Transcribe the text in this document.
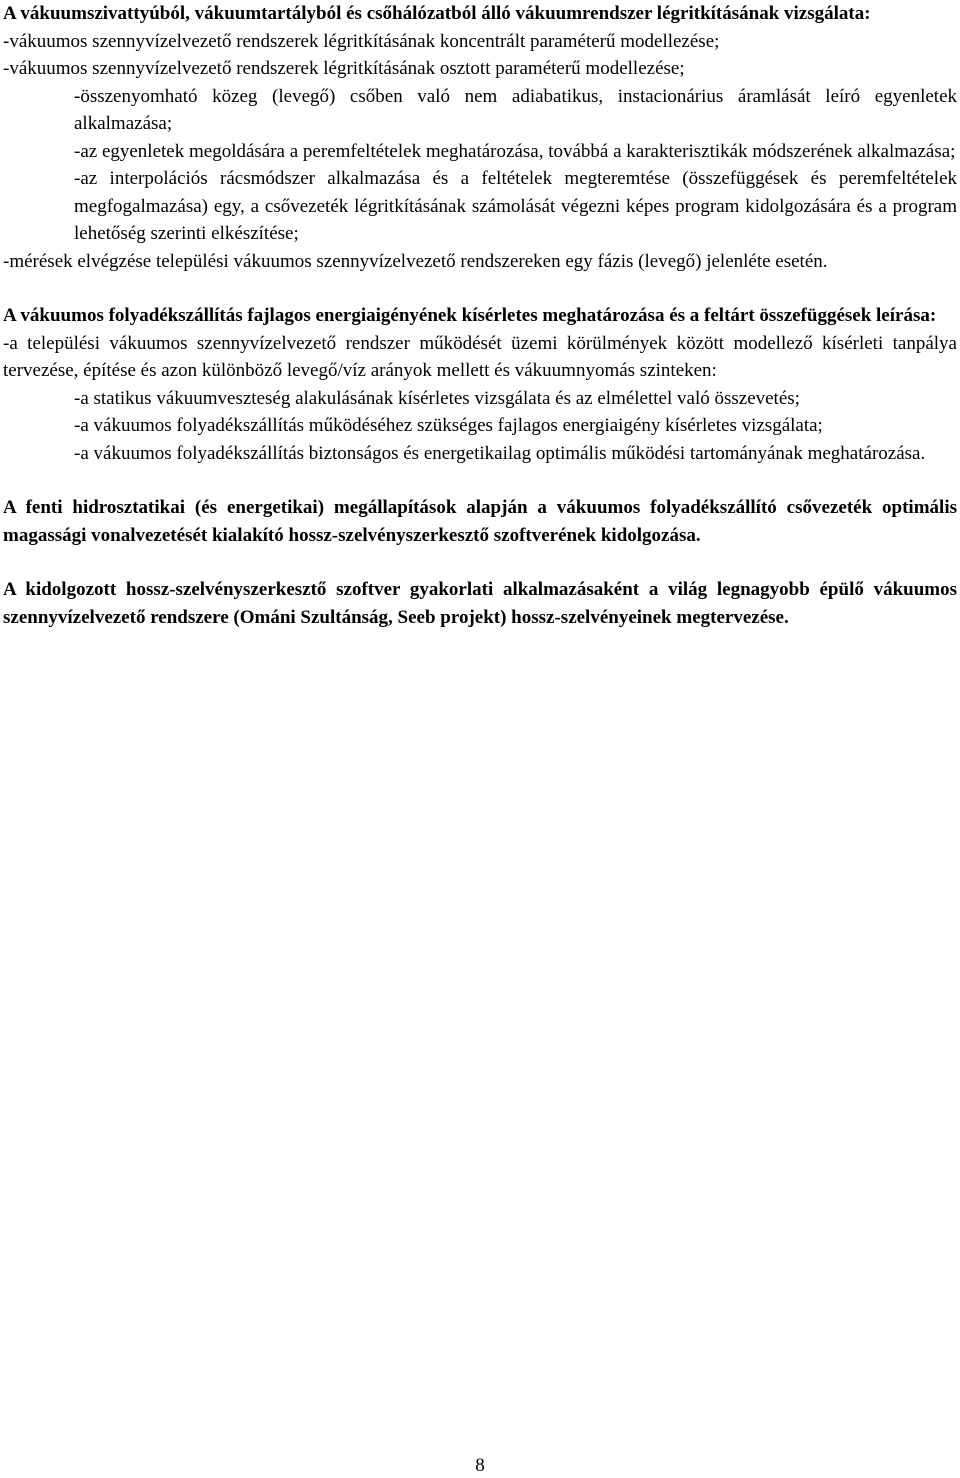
A vákuumszivattyúból, vákuumtartályból és csőhálózatból álló vákuumrendszer légritkításának vizsgálata:

-vákuumos szennyvízelvezető rendszerek légritkításának koncentrált paraméterű modellezése;

-vákuumos szennyvízelvezető rendszerek légritkításának osztott paraméterű modellezése;

-összenyomható közeg (levegő) csőben való nem adiabatikus, instacionárius áramlását leíró egyenletek alkalmazása;

-az egyenletek megoldására a peremfeltételek meghatározása, továbbá a karakterisztikák módszerének alkalmazása;

-az interpolációs rácsmódszer alkalmazása és a feltételek megteremtése (összefüggések és peremfeltételek megfogalmazása) egy, a csővezeték légritkításának számolását végezni képes program kidolgozására és a program lehetőség szerinti elkészítése;

-mérések elvégzése települési vákuumos szennyvízelvezető rendszereken egy fázis (levegő) jelenléte esetén.

A vákuumos folyadékszállítás fajlagos energiaigényének kísérletes meghatározása és a feltárt összefüggések leírása:

-a települési vákuumos szennyvízelvezető rendszer működését üzemi körülmények között modellező kísérleti tanpálya tervezése, építése és azon különböző levegő/víz arányok mellett és vákuumnyomás szinteken:

-a statikus vákuumveszteség alakulásának kísérletes vizsgálata és az elmélettel való összevetés;

-a vákuumos folyadékszállítás működéséhez szükséges fajlagos energiaigény kísérletes vizsgálata;

-a vákuumos folyadékszállítás biztonságos és energetikailag optimális működési tartományának meghatározása.

A fenti hidrosztatikai (és energetikai) megállapítások alapján a vákuumos folyadékszállító csővezeték optimális magassági vonalvezetését kialakító hossz-szelvényszerkesztő szoftverének kidolgozása.

A kidolgozott hossz-szelvényszerkesztő szoftver gyakorlati alkalmazásaként a világ legnagyobb épülő vákuumos szennyvízelvezető rendszere (Ománi Szultánság, Seeb projekt) hossz-szelvényeinek megtervezése.

8
